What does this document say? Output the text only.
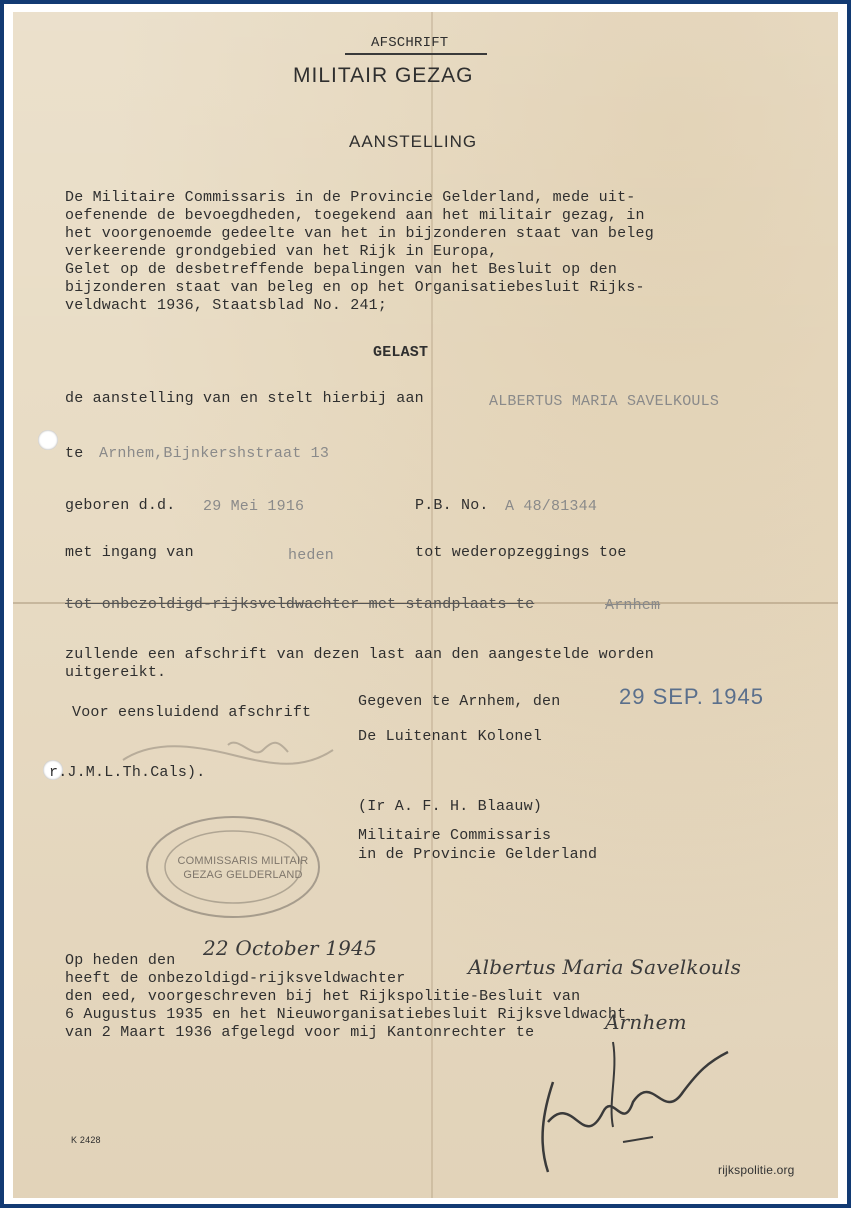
AFSCHRIFT
MILITAIR GEZAG
AANSTELLING
De Militaire Commissaris in de Provincie Gelderland, mede uit-
oefenende de bevoegdheden, toegekend aan het militair gezag, in
het voorgenoemde gedeelte van het in bijzonderen staat van beleg
verkeerende grondgebied van het Rijk in Europa,
Gelet op de desbetreffende bepalingen van het Besluit op den
bijzonderen staat van beleg en op het Organisatiebesluit Rijks-
veldwacht 1936, Staatsblad No. 241;
GELAST
de aanstelling van en stelt hierbij aan	ALBERTUS MARIA SAVELKOULS
te Arnhem,Bijnkershstraat 13
geboren d.d. 29 Mei 1916	P.B. No. A 48/81344
met ingang van	heden	tot wederopzeggings toe
tot onbezoldigd-rijksveldwachter met standplaats te	Arnhem
zullende een afschrift van dezen last aan den aangestelde worden
uitgereikt.
Voor eensluidend afschrift
Gegeven te Arnhem, den	29 SEP. 1945
De Luitenant Kolonel
r.J.M.L.Th.Cals).
(Ir A. F. H. Blaauw)
Militaire Commissaris
in de Provincie Gelderland
COMMISSARIS MILITAIR GEZAG GELDERLAND
Op heden den
22 October 1945
heeft de onbezoldigd-rijksveldwachter	Albertus Maria Savelkouls
den eed, voorgeschreven bij het Rijkspolitie-Besluit van
6 Augustus 1935 en het Nieuworganisatiebesluit Rijksveldwacht
van 2 Maart 1936 afgelegd voor mij Kantonrechter te	Arnhem
K 2428
rijkspolitie.org
